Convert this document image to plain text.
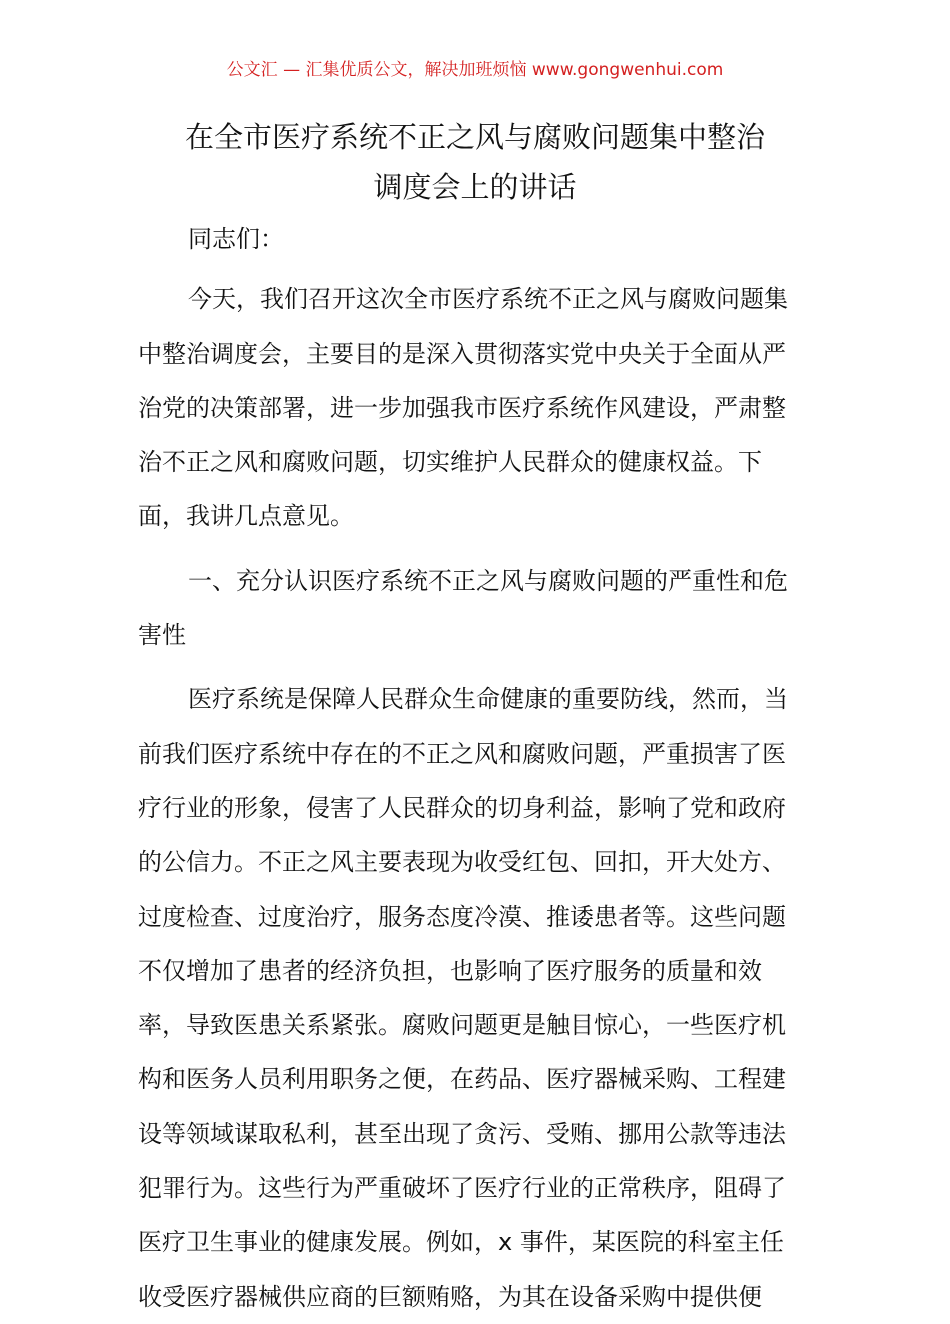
公文汇 — 汇集优质公文，解决加班烦恼 www.gongwenhui.com
在全市医疗系统不正之风与腐败问题集中整治
调度会上的讲话
同志们：
今天，我们召开这次全市医疗系统不正之风与腐败问题集
中整治调度会，主要目的是深入贯彻落实党中央关于全面从严
治党的决策部署，进一步加强我市医疗系统作风建设，严肃整
治不正之风和腐败问题，切实维护人民群众的健康权益。下
面，我讲几点意见。
一、充分认识医疗系统不正之风与腐败问题的严重性和危
害性
医疗系统是保障人民群众生命健康的重要防线，然而，当
前我们医疗系统中存在的不正之风和腐败问题，严重损害了医
疗行业的形象，侵害了人民群众的切身利益，影响了党和政府
的公信力。不正之风主要表现为收受红包、回扣，开大处方、
过度检查、过度治疗，服务态度冷漠、推诿患者等。这些问题
不仅增加了患者的经济负担，也影响了医疗服务的质量和效
率，导致医患关系紧张。腐败问题更是触目惊心，一些医疗机
构和医务人员利用职务之便，在药品、医疗器械采购、工程建
设等领域谋取私利，甚至出现了贪污、受贿、挪用公款等违法
犯罪行为。这些行为严重破坏了医疗行业的正常秩序，阻碍了
医疗卫生事业的健康发展。例如，x 事件，某医院的科室主任
收受医疗器械供应商的巨额贿赂，为其在设备采购中提供便
